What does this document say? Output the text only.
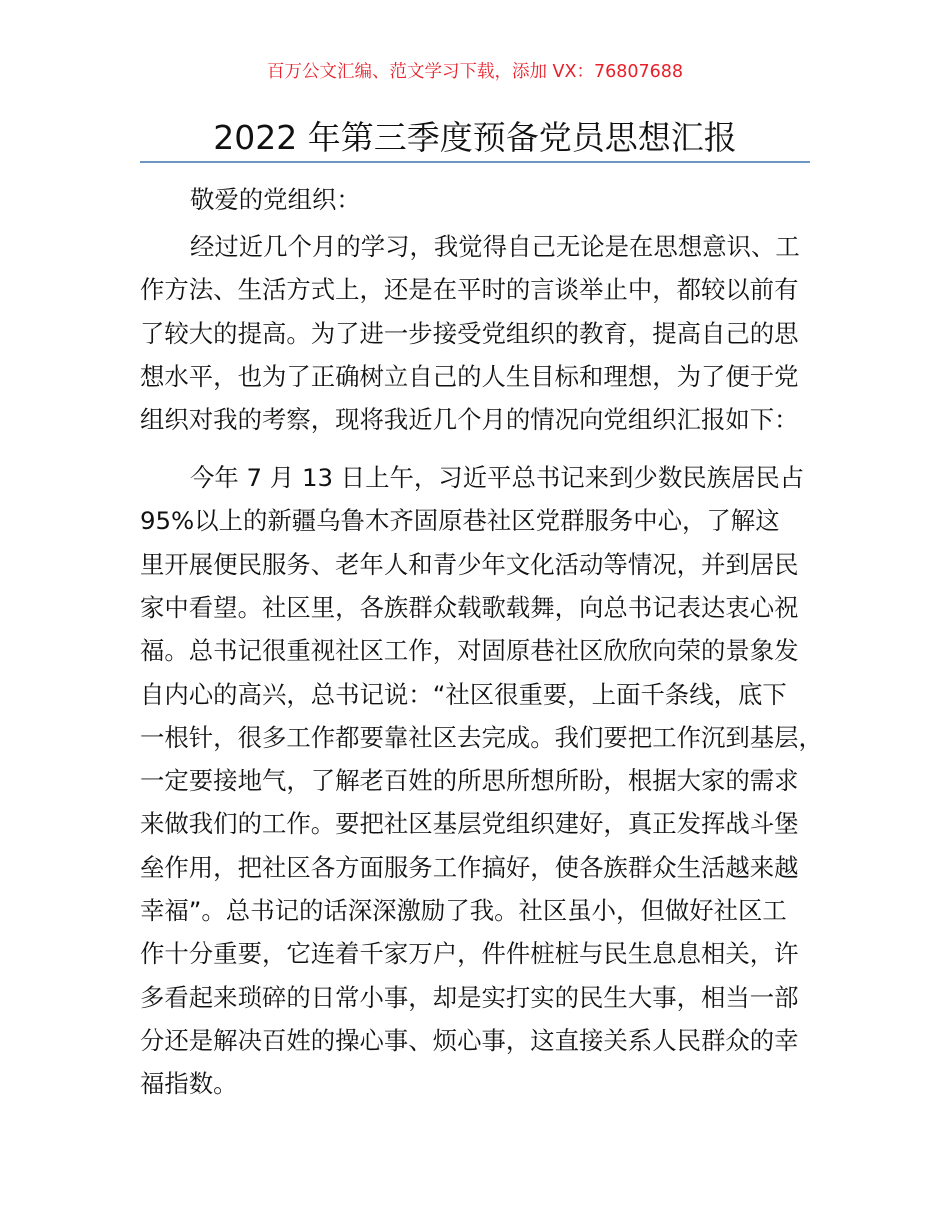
百万公文汇编、范文学习下载，添加 VX：76807688
2022 年第三季度预备党员思想汇报
敬爱的党组织：
经过近几个月的学习，我觉得自己无论是在思想意识、工
作方法、生活方式上，还是在平时的言谈举止中，都较以前有
了较大的提高。为了进一步接受党组织的教育，提高自己的思
想水平，也为了正确树立自己的人生目标和理想，为了便于党
组织对我的考察，现将我近几个月的情况向党组织汇报如下：
今年 7 月 13 日上午，习近平总书记来到少数民族居民占
95%以上的新疆乌鲁木齐固原巷社区党群服务中心，了解这
里开展便民服务、老年人和青少年文化活动等情况，并到居民
家中看望。社区里，各族群众载歌载舞，向总书记表达衷心祝
福。总书记很重视社区工作，对固原巷社区欣欣向荣的景象发
自内心的高兴，总书记说：“社区很重要，上面千条线，底下
一根针，很多工作都要靠社区去完成。我们要把工作沉到基层，
一定要接地气，了解老百姓的所思所想所盼，根据大家的需求
来做我们的工作。要把社区基层党组织建好，真正发挥战斗堡
垒作用，把社区各方面服务工作搞好，使各族群众生活越来越
幸福”。总书记的话深深激励了我。社区虽小，但做好社区工
作十分重要，它连着千家万户，件件桩桩与民生息息相关，许
多看起来琐碎的日常小事，却是实打实的民生大事，相当一部
分还是解决百姓的操心事、烦心事，这直接关系人民群众的幸
福指数。
